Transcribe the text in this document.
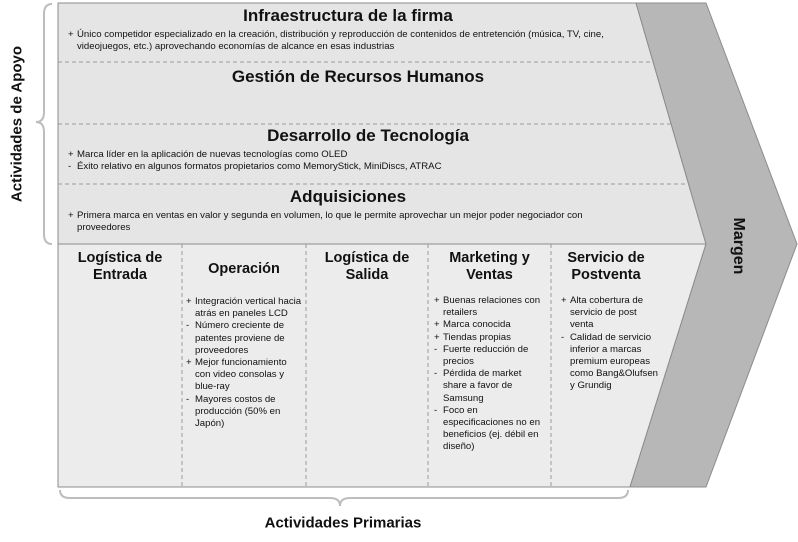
Infraestructura de la firma
+ Único competidor especializado en la creación, distribución y reproducción de contenidos de entretención (música, TV, cine, videojuegos, etc.) aprovechando economías de alcance en esas industrias
Gestión de Recursos Humanos
Desarrollo de Tecnología
+ Marca líder en la aplicación de nuevas tecnologías como OLED
- Éxito relativo en algunos formatos propietarios como MemoryStick, MiniDiscs, ATRAC
Adquisiciones
+ Primera marca en ventas en valor y segunda en volumen, lo que le permite aprovechar un mejor poder negociador con proveedores
Logística de Entrada	Operación
+ Integración vertical hacia atrás en paneles LCD
- Número creciente de patentes proviene de proveedores
+ Mejor funcionamiento con video consolas y blue-ray
- Mayores costos de producción (50% en Japón)
Logística de Salida
Marketing y Ventas
+ Buenas relaciones con retailers
+ Marca conocida
+ Tiendas propias
- Fuerte reducción de precios
- Pérdida de market share a favor de Samsung
- Foco en especificaciones no en beneficios (ej. débil en diseño)
Servicio de Postventa
+ Alta cobertura de servicio de post venta
- Calidad de servicio inferior a marcas premium europeas como Bang&Olufsen y Grundig
Actividades de Apoyo
Actividades Primarias
Margen
